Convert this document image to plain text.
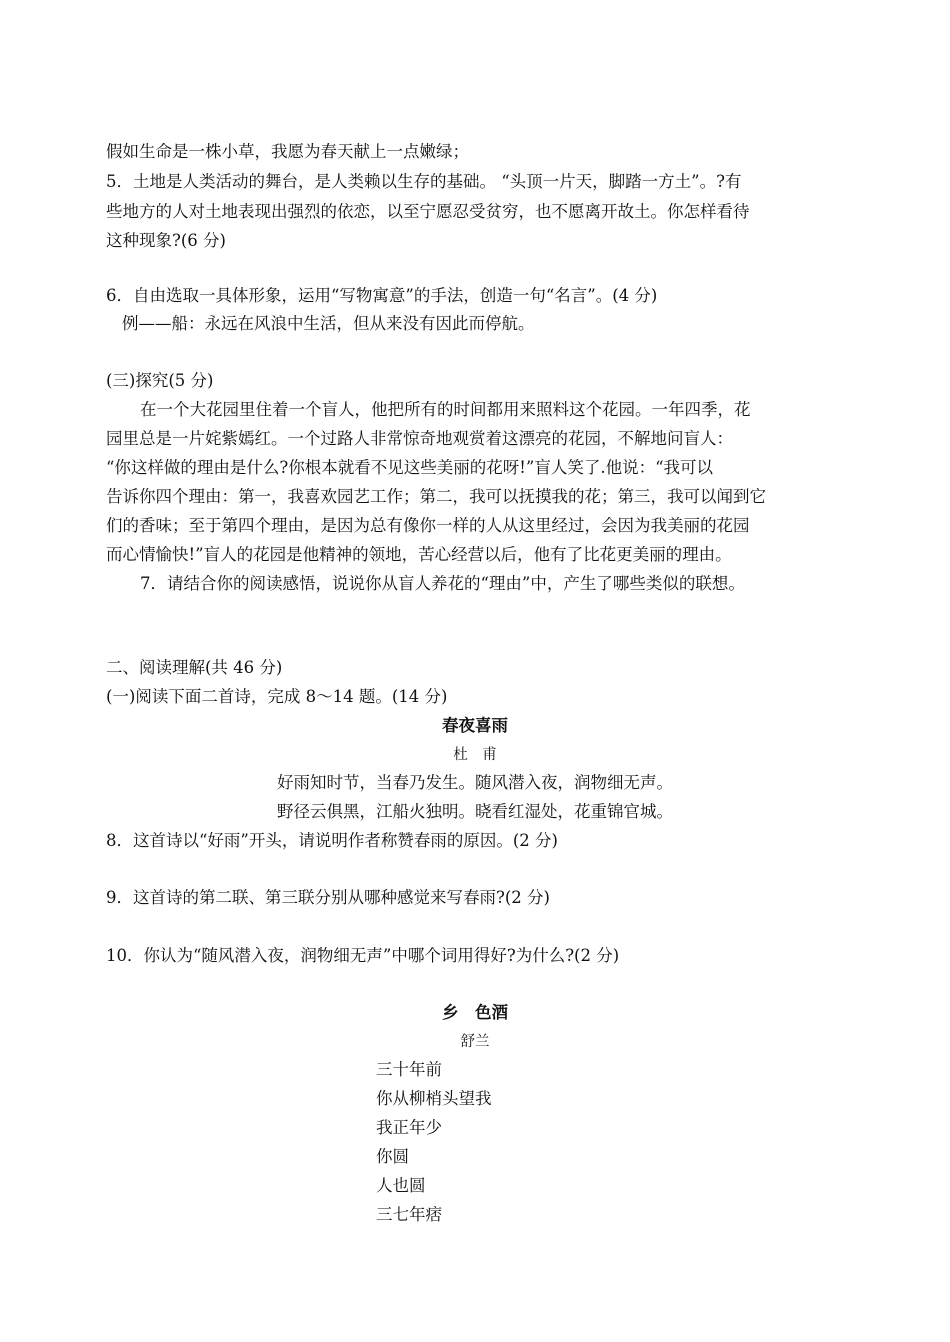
假如生命是一株小草，我愿为春天献上一点嫩绿；
5．土地是人类活动的舞台，是人类赖以生存的基础。 “头顶一片天，脚踏一方土”。?有
些地方的人对土地表现出强烈的依恋，以至宁愿忍受贫穷，也不愿离开故土。你怎样看待
这种现象?(6 分)
6．自由选取一具体形象，运用“写物寓意”的手法，创造一句“名言”。(4 分)
例——船：永远在风浪中生活，但从来没有因此而停航。
(三)探究(5 分)
在一个大花园里住着一个盲人，他把所有的时间都用来照料这个花园。一年四季，花
园里总是一片姹紫嫣红。一个过路人非常惊奇地观赏着这漂亮的花园，不解地问盲人：
“你这样做的理由是什么?你根本就看不见这些美丽的花呀!”盲人笑了.他说：“我可以
告诉你四个理由：第一，我喜欢园艺工作；第二，我可以抚摸我的花；第三，我可以闻到它
们的香味；至于第四个理由，是因为总有像你一样的人从这里经过，会因为我美丽的花园
而心情愉快!”盲人的花园是他精神的领地，苦心经营以后，他有了比花更美丽的理由。
7．请结合你的阅读感悟，说说你从盲人养花的“理由”中，产生了哪些类似的联想。
二、阅读理解(共 46 分)
(一)阅读下面二首诗，完成 8～14 题。(14 分)
春夜喜雨
杜　甫
好雨知时节，当春乃发生。随风潜入夜，润物细无声。
野径云俱黑，江船火独明。晓看红湿处，花重锦官城。
8．这首诗以“好雨”开头，请说明作者称赞春雨的原因。(2 分)
9．这首诗的第二联、第三联分别从哪种感觉来写春雨?(2 分)
10．你认为“随风潜入夜，润物细无声”中哪个词用得好?为什么?(2 分)
乡　色酒
舒兰
三十年前
你从柳梢头望我
我正年少
你圆
人也圆
三七年痞
